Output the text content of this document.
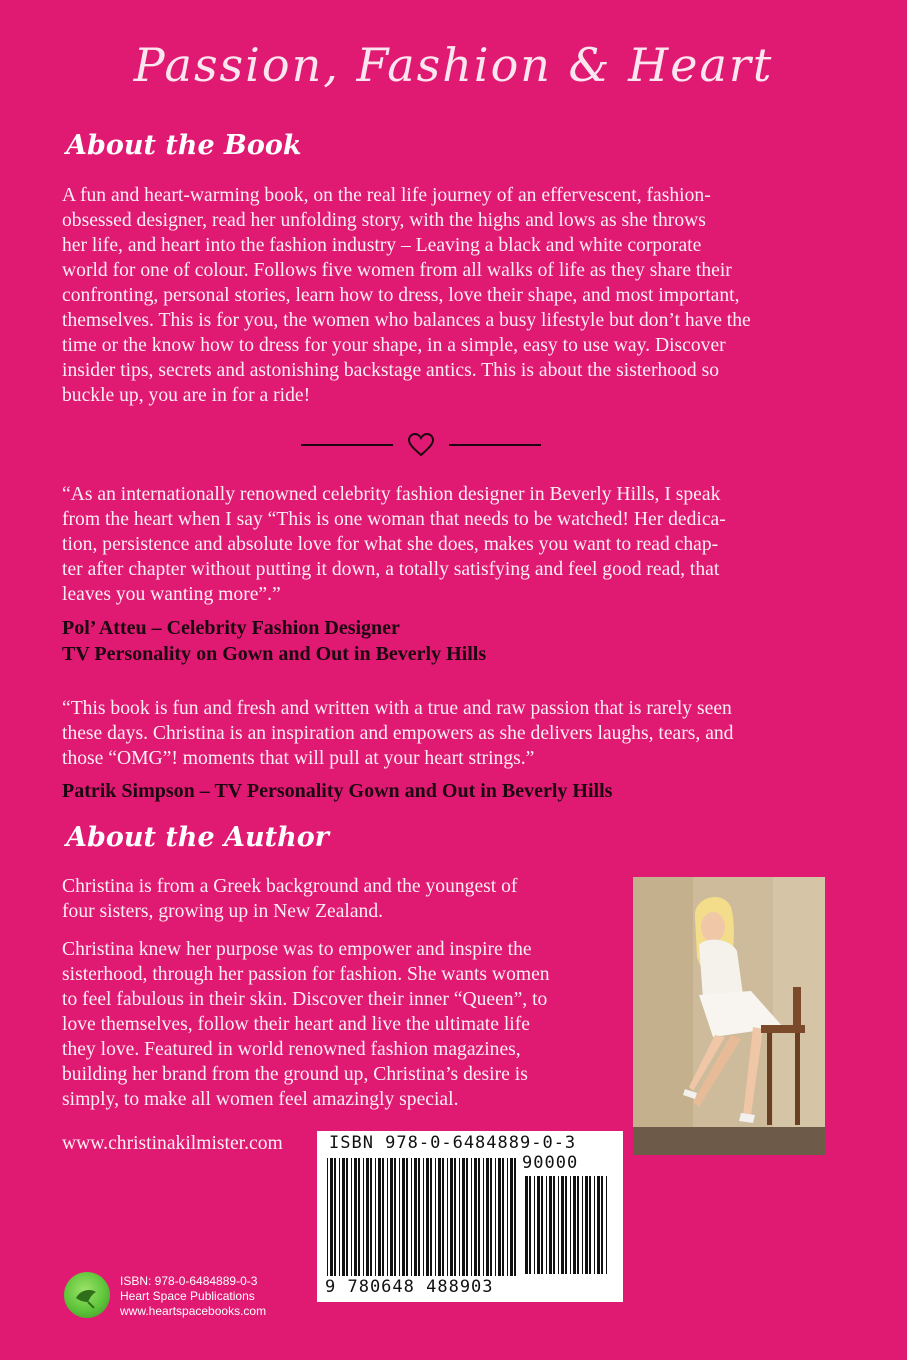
Passion, Fashion & Heart
About the Book
A fun and heart-warming book, on the real life journey of an effervescent, fashion-
obsessed designer, read her unfolding story, with the highs and lows as she throws
her life, and heart into the fashion industry – Leaving a black and white corporate
world for one of colour. Follows five women from all walks of life as they share their
confronting, personal stories, learn how to dress, love their shape, and most important,
themselves. This is for you, the women who balances a busy lifestyle but don’t have the
time or the know how to dress for your shape, in a simple, easy to use way. Discover
insider tips, secrets and astonishing backstage antics. This is about the sisterhood so
buckle up, you are in for a ride!
“As an internationally renowned celebrity fashion designer in Beverly Hills, I speak
from the heart when I say “This is one woman that needs to be watched! Her dedica-
tion, persistence and absolute love for what she does, makes you want to read chap-
ter after chapter without putting it down, a totally satisfying and feel good read, that
leaves you wanting more”.”
Pol’ Atteu – Celebrity Fashion Designer
TV Personality on Gown and Out in Beverly Hills
“This book is fun and fresh and written with a true and raw passion that is rarely seen
these days. Christina is an inspiration and empowers as she delivers laughs, tears, and
those “OMG”! moments that will pull at your heart strings.”
Patrik Simpson – TV Personality Gown and Out in Beverly Hills
About the Author
Christina is from a Greek background and the youngest of
four sisters, growing up in New Zealand.
Christina knew her purpose was to empower and inspire the
sisterhood, through her passion for fashion. She wants women
to feel fabulous in their skin. Discover their inner “Queen”, to
love themselves, follow their heart and live the ultimate life
they love. Featured in world renowned fashion magazines,
building her brand from the ground up, Christina’s desire is
simply, to make all women feel amazingly special.
www.christinakilmister.com	ISBN 978-0-6484889-0-3
90000
9 780648 488903
ISBN: 978-0-6484889-0-3
Heart Space Publications
www.heartspacebooks.com
